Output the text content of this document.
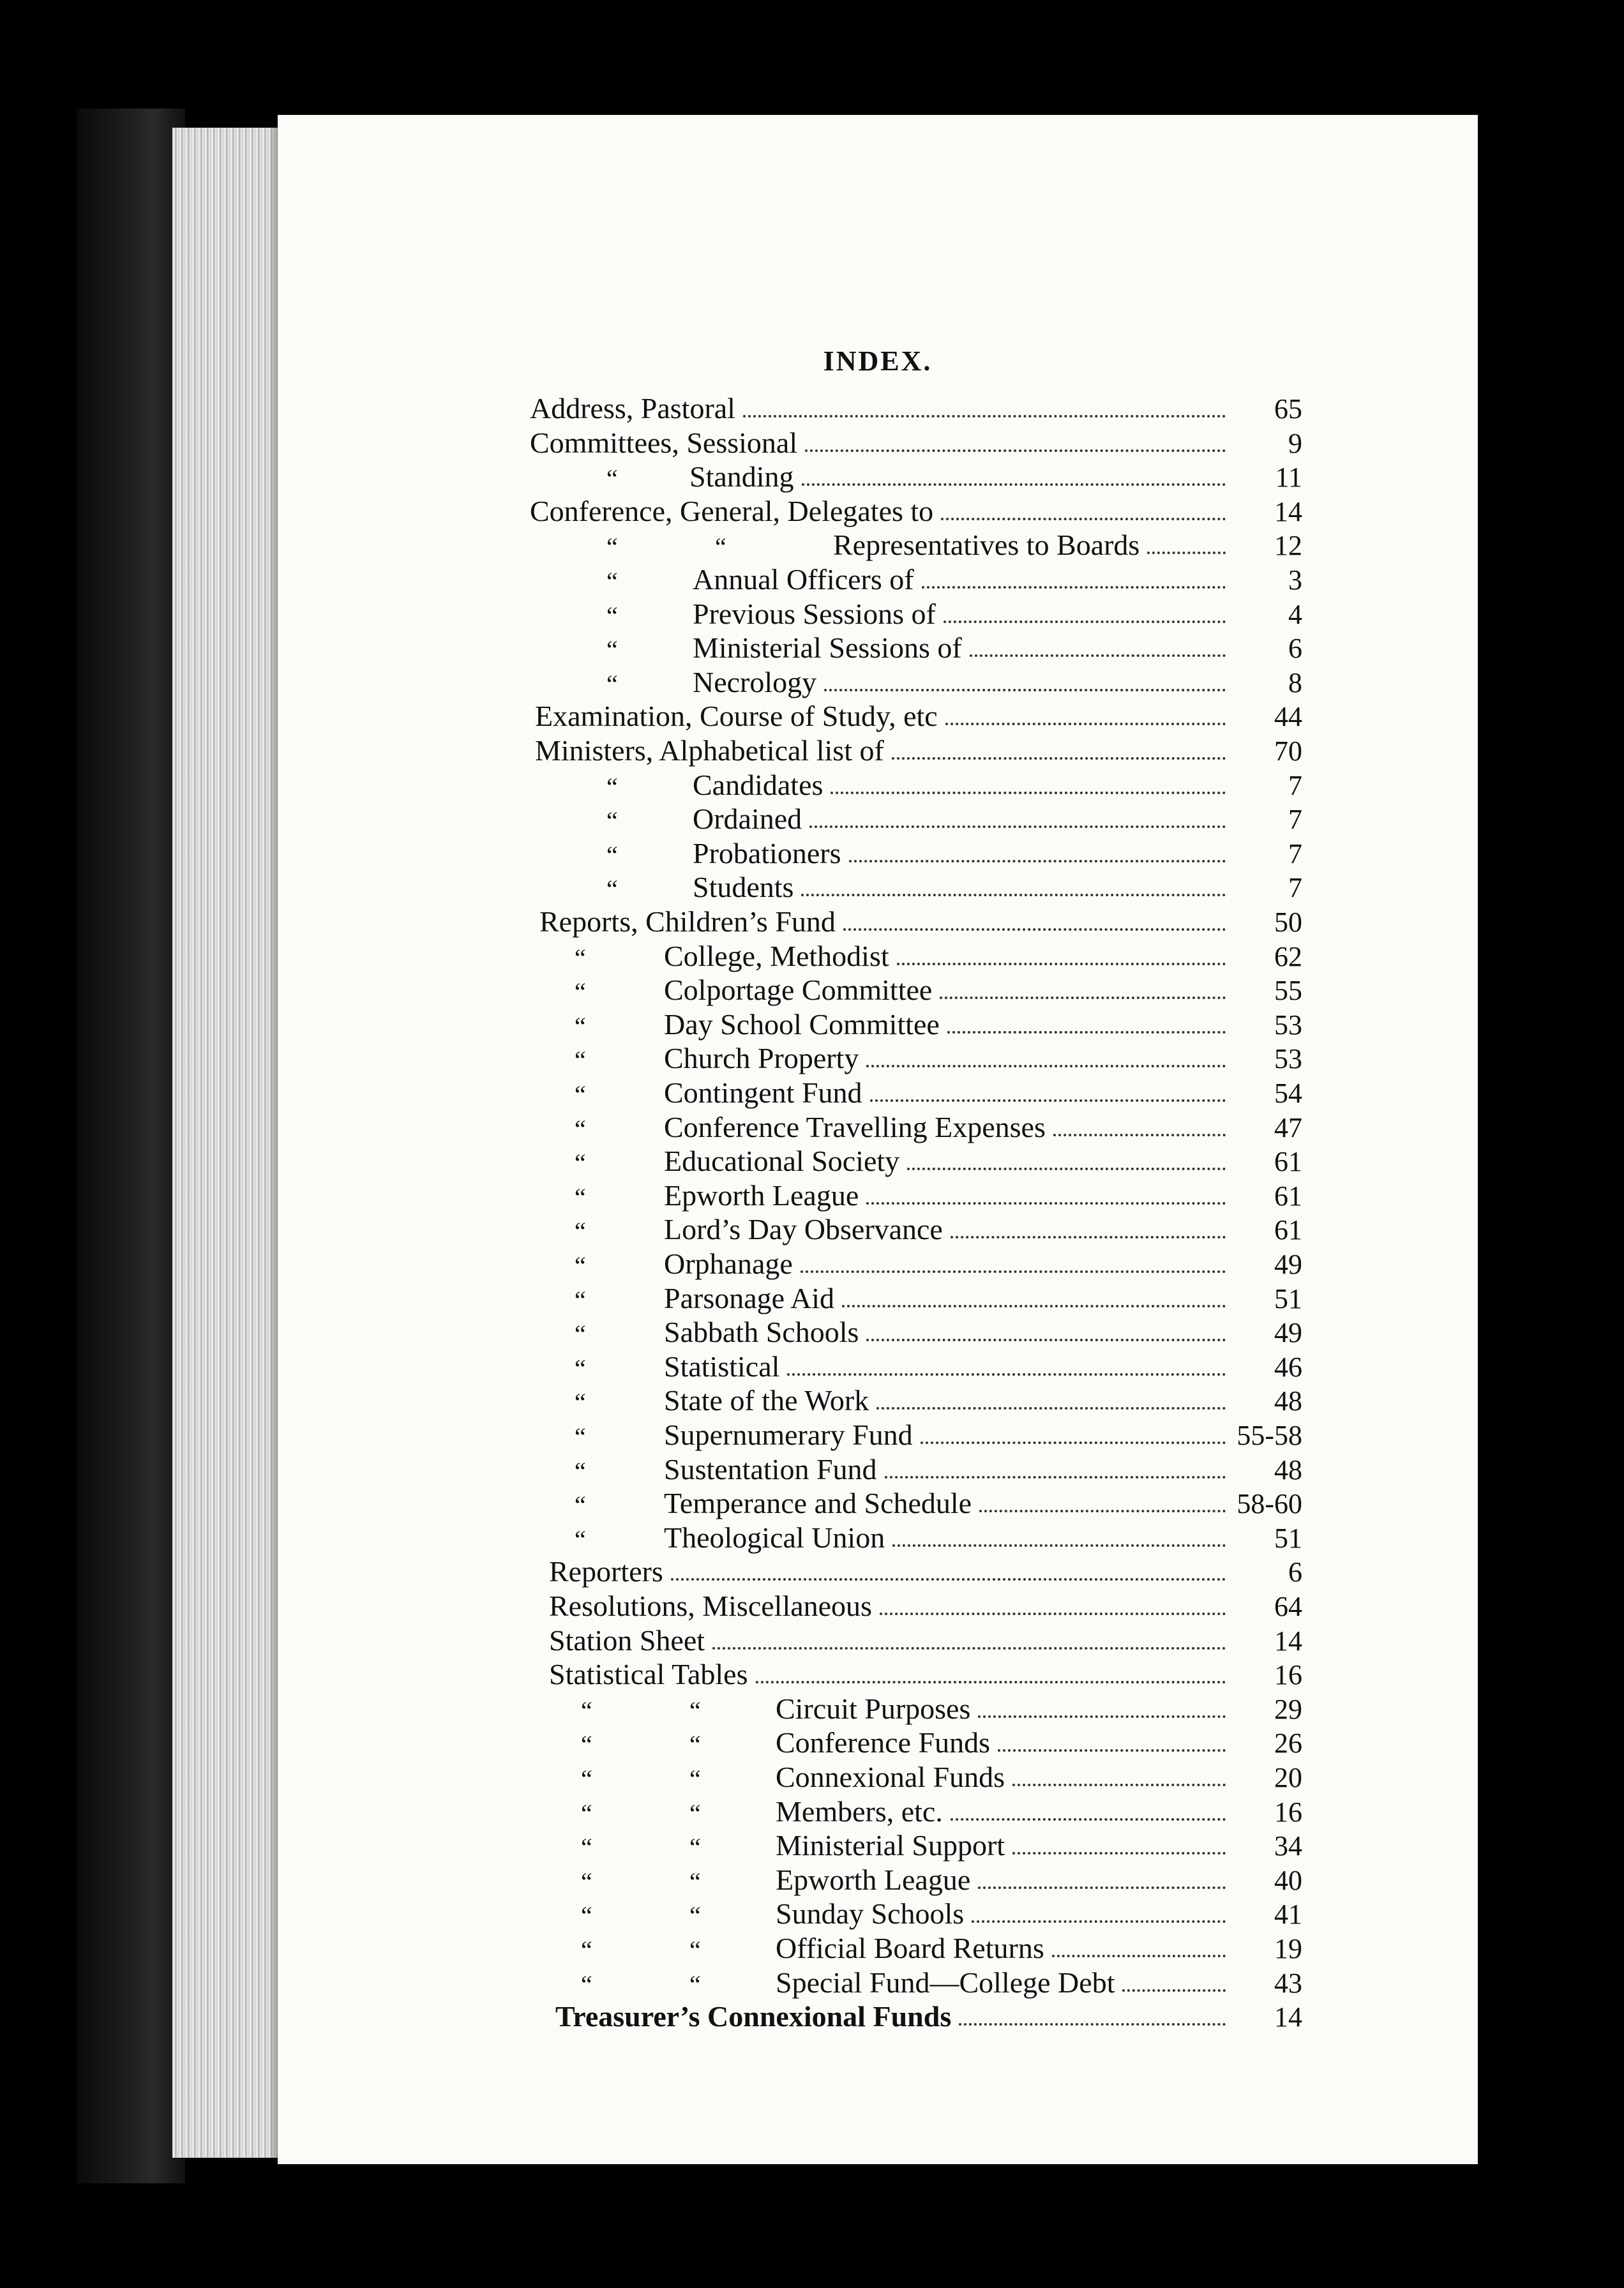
INDEX.
Address, Pastoral	65
Committees, Sessional	9
“	Standing	11
Conference, General, Delegates to	14
“	“	Representatives to Boards	12
“	Annual Officers of	3
“	Previous Sessions of	4
“	Ministerial Sessions of	6
“	Necrology	8
Examination, Course of Study, etc	44
Ministers, Alphabetical list of	70
“	Candidates	7
“	Ordained	7
“	Probationers	7
“	Students	7
Reports, Children’s Fund	50
“	College, Methodist	62
“	Colportage Committee	55
“	Day School Committee	53
“	Church Property	53
“	Contingent Fund	54
“	Conference Travelling Expenses	47
“	Educational Society	61
“	Epworth League	61
“	Lord’s Day Observance	61
“	Orphanage	49
“	Parsonage Aid	51
“	Sabbath Schools	49
“	Statistical	46
“	State of the Work	48
“	Supernumerary Fund	55-58
“	Sustentation Fund	48
“	Temperance and Schedule	58-60
“	Theological Union	51
Reporters	6
Resolutions, Miscellaneous	64
Station Sheet	14
Statistical Tables	16
“	“	Circuit Purposes	29
“	“	Conference Funds	26
“	“	Connexional Funds	20
“	“	Members, etc.	16
“	“	Ministerial Support	34
“	“	Epworth League	40
“	“	Sunday Schools	41
“	“	Official Board Returns	19
“	“	Special Fund—College Debt	43
Treasurer’s Connexional Funds	14
